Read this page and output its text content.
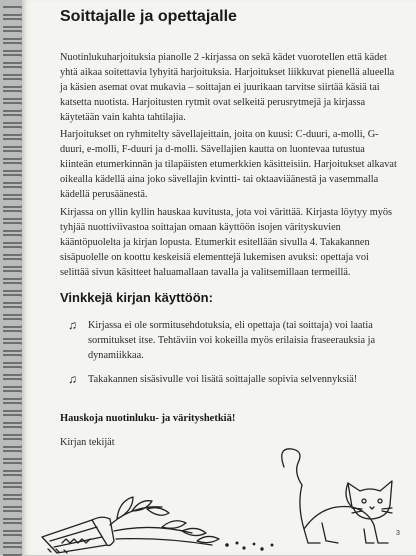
Soittajalle ja opettajalle

Nuotinlukuharjoituksia pianolle 2 -kirjassa on sekä kädet vuorotellen että kädet yhtä aikaa soitettavia lyhyitä harjoituksia. Harjoitukset liikkuvat pienellä alueella ja käsien asemat ovat mukavia – soittajan ei juurikaan tarvitse siirtää käsiä tai katsetta nuotista. Harjoitusten rytmit ovat selkeitä perusrytmejä ja kirjassa käytetään vain kahta tahtilajia.

Harjoitukset on ryhmitelty sävellajeittain, joita on kuusi: C-duuri, a-molli, G-duuri, e-molli, F-duuri ja d-molli. Sävellajien kautta on luontevaa tutustua kiinteän etumerkinnän ja tilapäisten etumerkkien käsitteisiin. Harjoitukset alkavat oikealla kädellä aina joko sävellajin kvintti- tai oktaaviäänestä ja vasemmalla kädellä perusäänestä.

Kirjassa on yllin kyllin hauskaa kuvitusta, jota voi värittää. Kirjasta löytyy myös tyhjää nuottiviivastoa soittajan omaan käyttöön isojen värityskuvien kääntöpuolelta ja kirjan lopusta. Etumerkit esitellään sivulla 4. Takakannen sisäpuolelle on koottu keskeisiä elementtejä lukemisen avuksi: opettaja voi selittää sivun käsitteet haluamallaan tavalla ja valitsemillaan termeillä.

Vinkkejä kirjan käyttöön:
♫ Kirjassa ei ole sormitusehdotuksia, eli opettaja (tai soittaja) voi laatia sormitukset itse. Tehtäviin voi kokeilla myös erilaisia fraseerauksia ja dynamiikkaa.
♫ Takakannen sisäsivulle voi lisätä soittajalle sopivia selvennyksiä!

Hauskoja nuotinluku- ja värityshetkiä!

Kirjan tekijät

3
